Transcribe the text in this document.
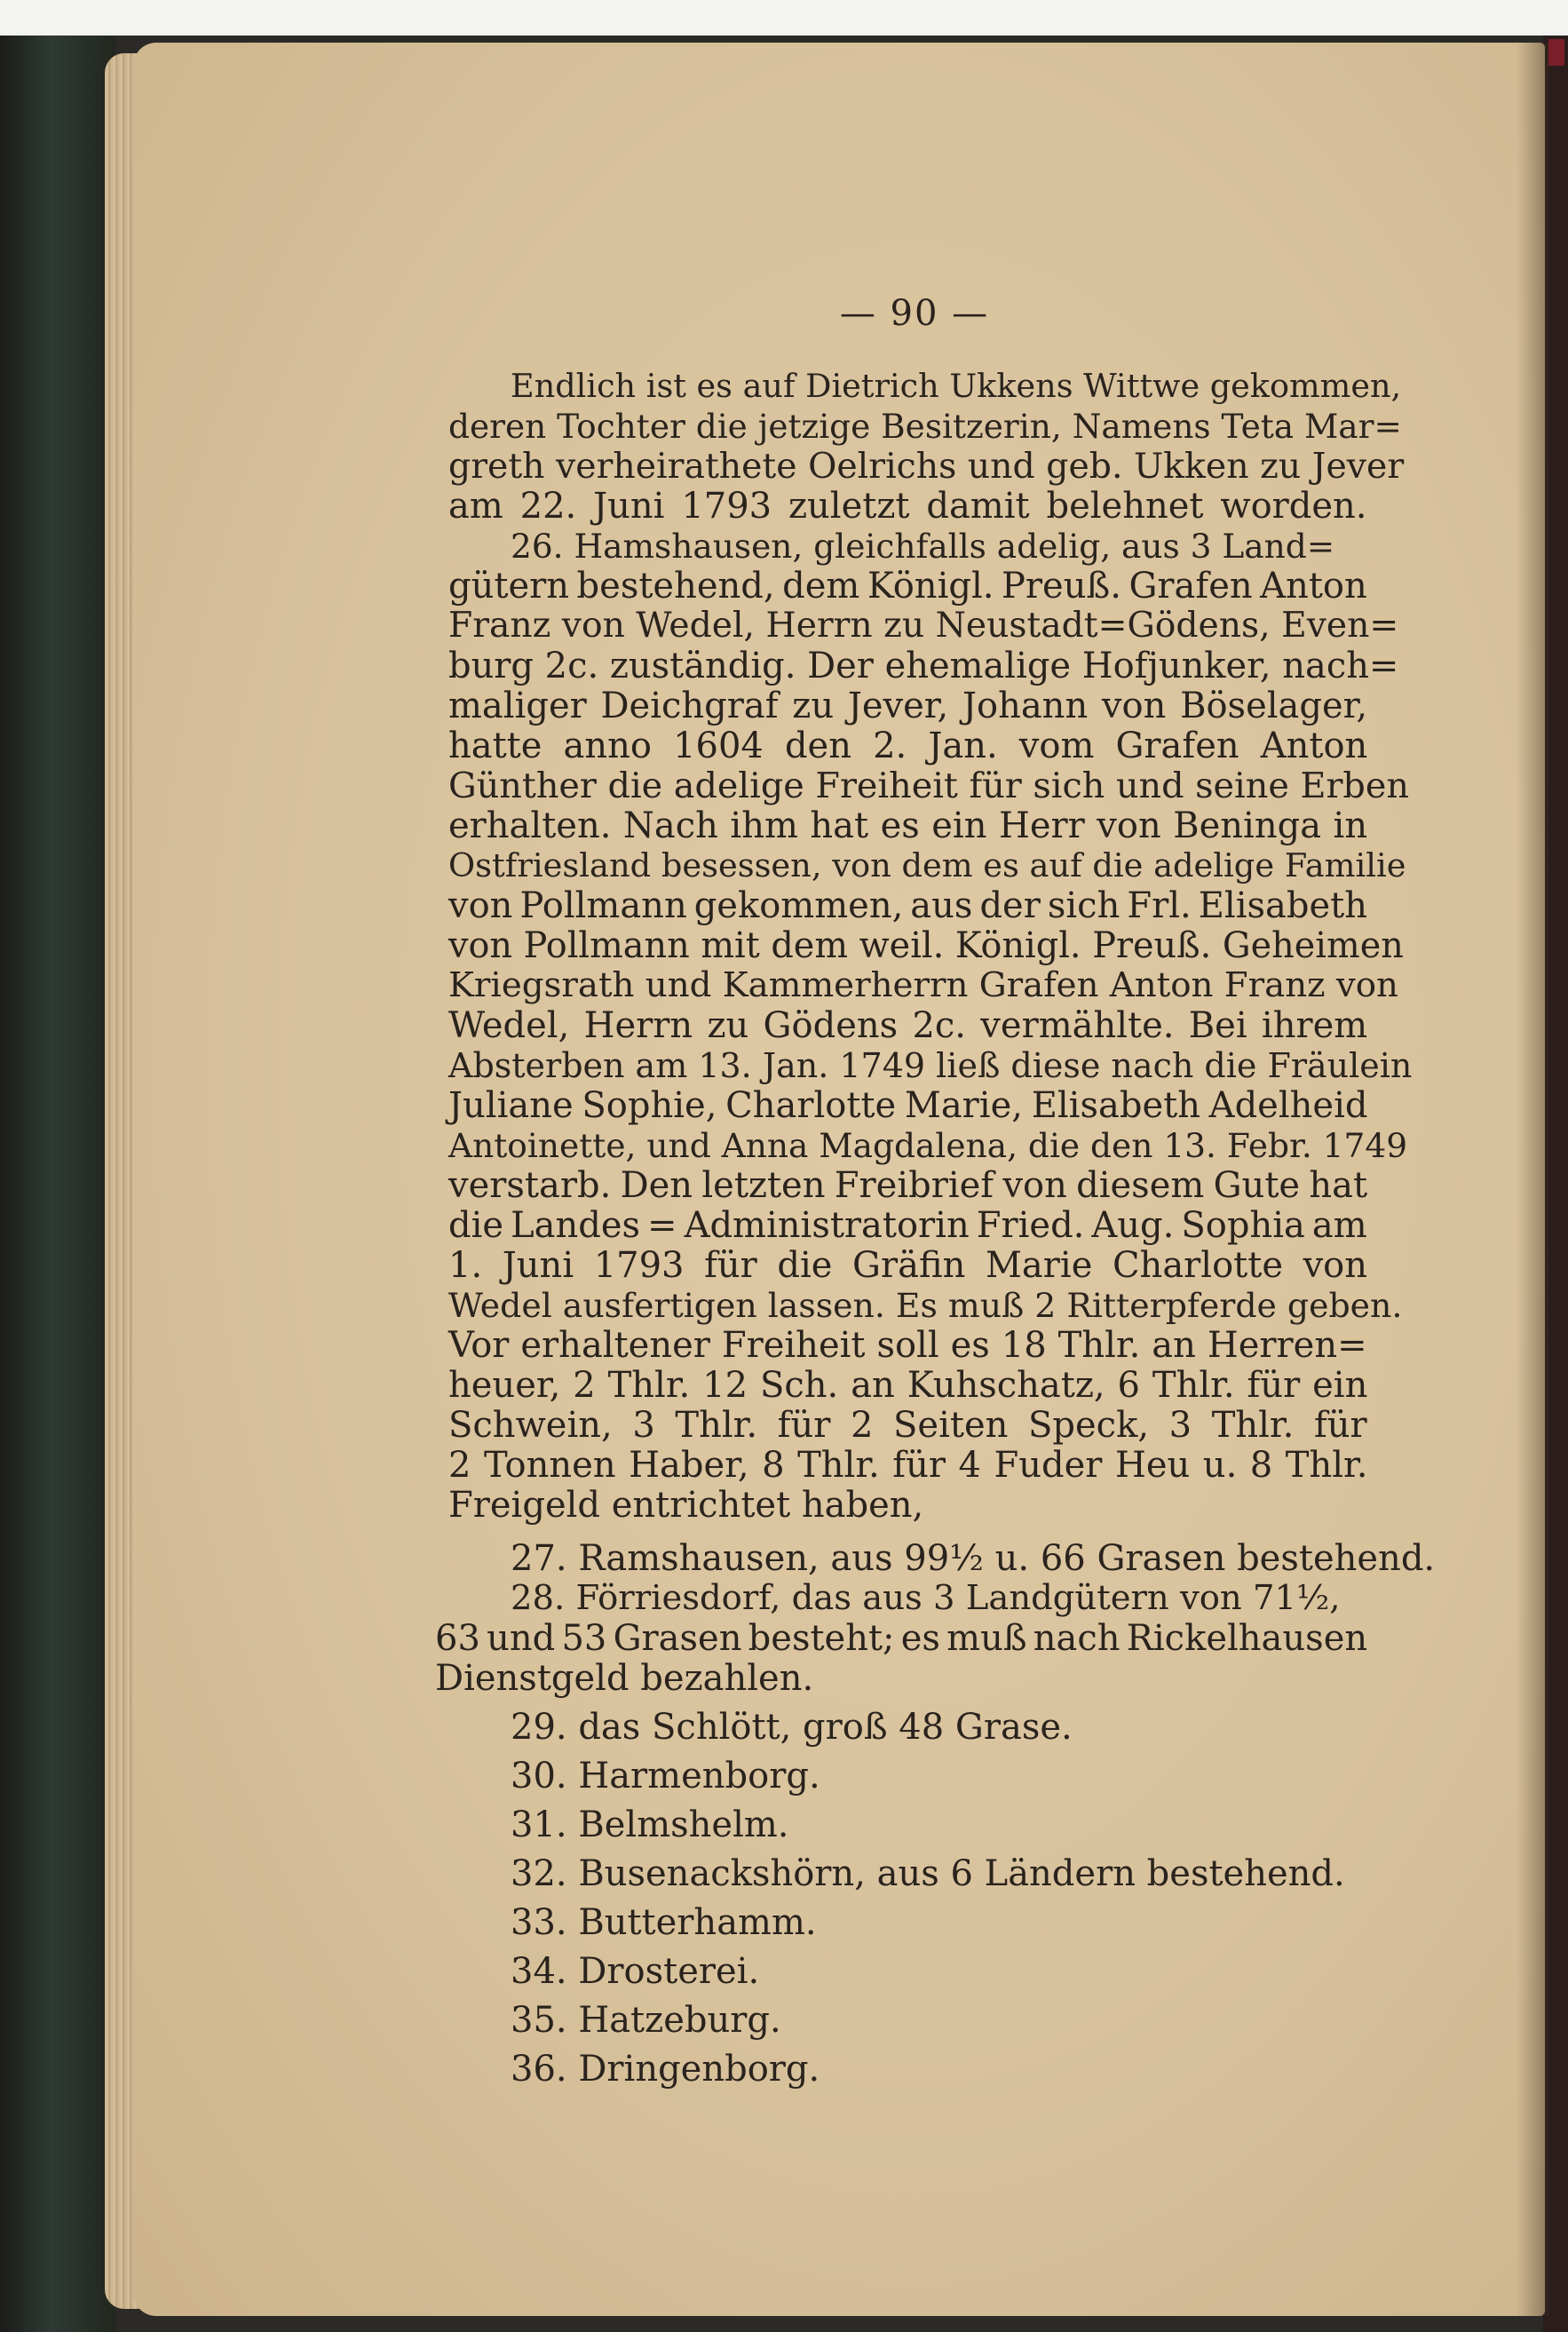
— 90 —
Endlich ist es auf Dietrich Ukkens Wittwe gekommen,
deren Tochter die jetzige Besitzerin, Namens Teta Mar=
greth verheirathete Oelrichs und geb. Ukken zu Jever
am 22. Juni 1793 zuletzt damit belehnet worden.
26. Hamshausen, gleichfalls adelig, aus 3 Land=
gütern bestehend, dem Königl. Preuß. Grafen Anton
Franz von Wedel, Herrn zu Neustadt=Gödens, Even=
burg 2c. zuständig. Der ehemalige Hofjunker, nach=
maliger Deichgraf zu Jever, Johann von Böselager,
hatte anno 1604 den 2. Jan. vom Grafen Anton
Günther die adelige Freiheit für sich und seine Erben
erhalten. Nach ihm hat es ein Herr von Beninga in
Ostfriesland besessen, von dem es auf die adelige Familie
von Pollmann gekommen, aus der sich Frl. Elisabeth
von Pollmann mit dem weil. Königl. Preuß. Geheimen
Kriegsrath und Kammerherrn Grafen Anton Franz von
Wedel, Herrn zu Gödens 2c. vermählte. Bei ihrem
Absterben am 13. Jan. 1749 ließ diese nach die Fräulein
Juliane Sophie, Charlotte Marie, Elisabeth Adelheid
Antoinette, und Anna Magdalena, die den 13. Febr. 1749
verstarb. Den letzten Freibrief von diesem Gute hat
die Landes = Administratorin Fried. Aug. Sophia am
1. Juni 1793 für die Gräfin Marie Charlotte von
Wedel ausfertigen lassen. Es muß 2 Ritterpferde geben.
Vor erhaltener Freiheit soll es 18 Thlr. an Herren=
heuer, 2 Thlr. 12 Sch. an Kuhschatz, 6 Thlr. für ein
Schwein, 3 Thlr. für 2 Seiten Speck, 3 Thlr. für
2 Tonnen Haber, 8 Thlr. für 4 Fuder Heu u. 8 Thlr.
Freigeld entrichtet haben,
27. Ramshausen, aus 99½ u. 66 Grasen bestehend.
28. Förriesdorf, das aus 3 Landgütern von 71½,
63 und 53 Grasen besteht; es muß nach Rickelhausen
Dienstgeld bezahlen.
29. das Schlött, groß 48 Grase.
30. Harmenborg.
31. Belmshelm.
32. Busenackshörn, aus 6 Ländern bestehend.
33. Butterhamm.
34. Drosterei.
35. Hatzeburg.
36. Dringenborg.
